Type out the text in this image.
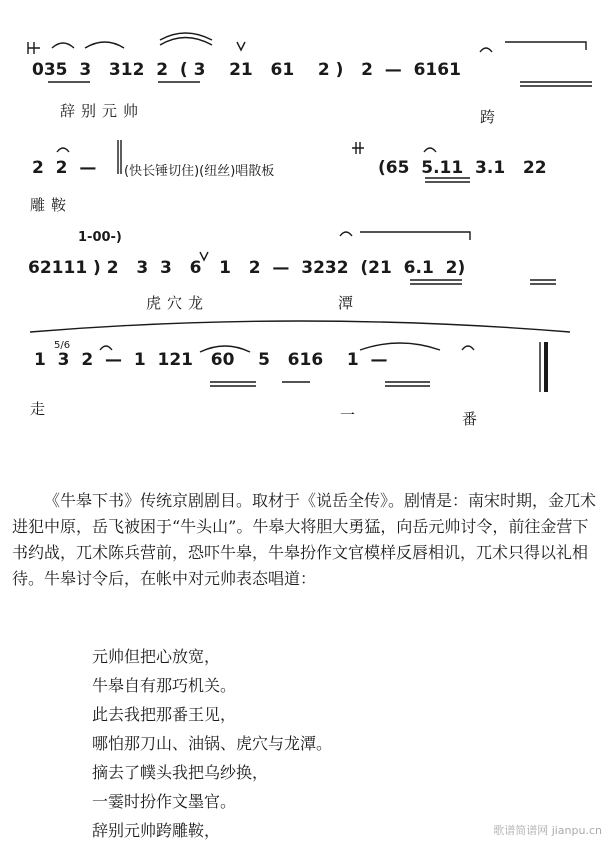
035  3   312  2  ( 3    21   61    2 )   2  —  6161
辞别元帅	跨
2  2  — (快长锤切住)(纽丝)唱散板	(65  5.11  3.1   22
雕鞍
1-00-)
62111 ) 2   3  3   6   1   2  —  3232  (21  6.1  2)
虎穴龙	潭
1  3  2  —  1  121   60    5   616    1  —
5/6
走	一	番

《牛皋下书》传统京剧剧目。取材于《说岳全传》。剧情是：南宋时期，金兀术进犯中原，岳飞被困于“牛头山”。牛皋大将胆大勇猛，向岳元帅讨令，前往金营下书约战，兀术陈兵营前，恐吓牛皋，牛皋扮作文官模样反唇相讥，兀术只得以礼相待。牛皋讨令后，在帐中对元帅表态唱道：

元帅但把心放宽，
牛皋自有那巧机关。
此去我把那番王见，
哪怕那刀山、油锅、虎穴与龙潭。
摘去了幞头我把乌纱换，
一霎时扮作文墨官。
辞别元帅跨雕鞍，	歌谱简谱网 jianpu.cn
